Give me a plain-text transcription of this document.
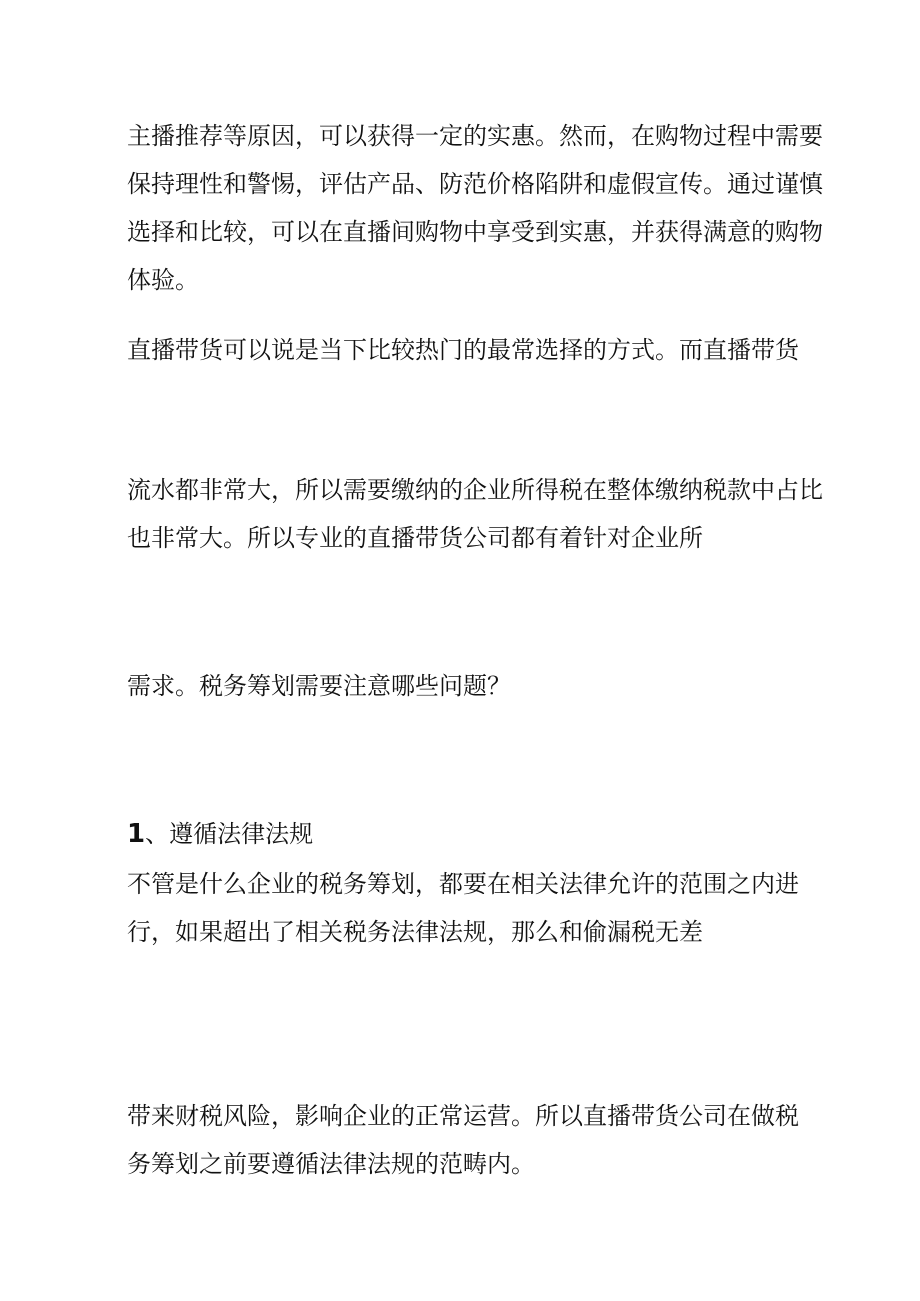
主播推荐等原因，可以获得一定的实惠。然而，在购物过程中需要
保持理性和警惕，评估产品、防范价格陷阱和虚假宣传。通过谨慎
选择和比较，可以在直播间购物中享受到实惠，并获得满意的购物
体验。
直播带货可以说是当下比较热门的最常选择的方式。而直播带货
流水都非常大，所以需要缴纳的企业所得税在整体缴纳税款中占比
也非常大。所以专业的直播带货公司都有着针对企业所
需求。税务筹划需要注意哪些问题？
1、遵循法律法规
不管是什么企业的税务筹划，都要在相关法律允许的范围之内进
行，如果超出了相关税务法律法规，那么和偷漏税无差
带来财税风险，影响企业的正常运营。所以直播带货公司在做税
务筹划之前要遵循法律法规的范畴内。
